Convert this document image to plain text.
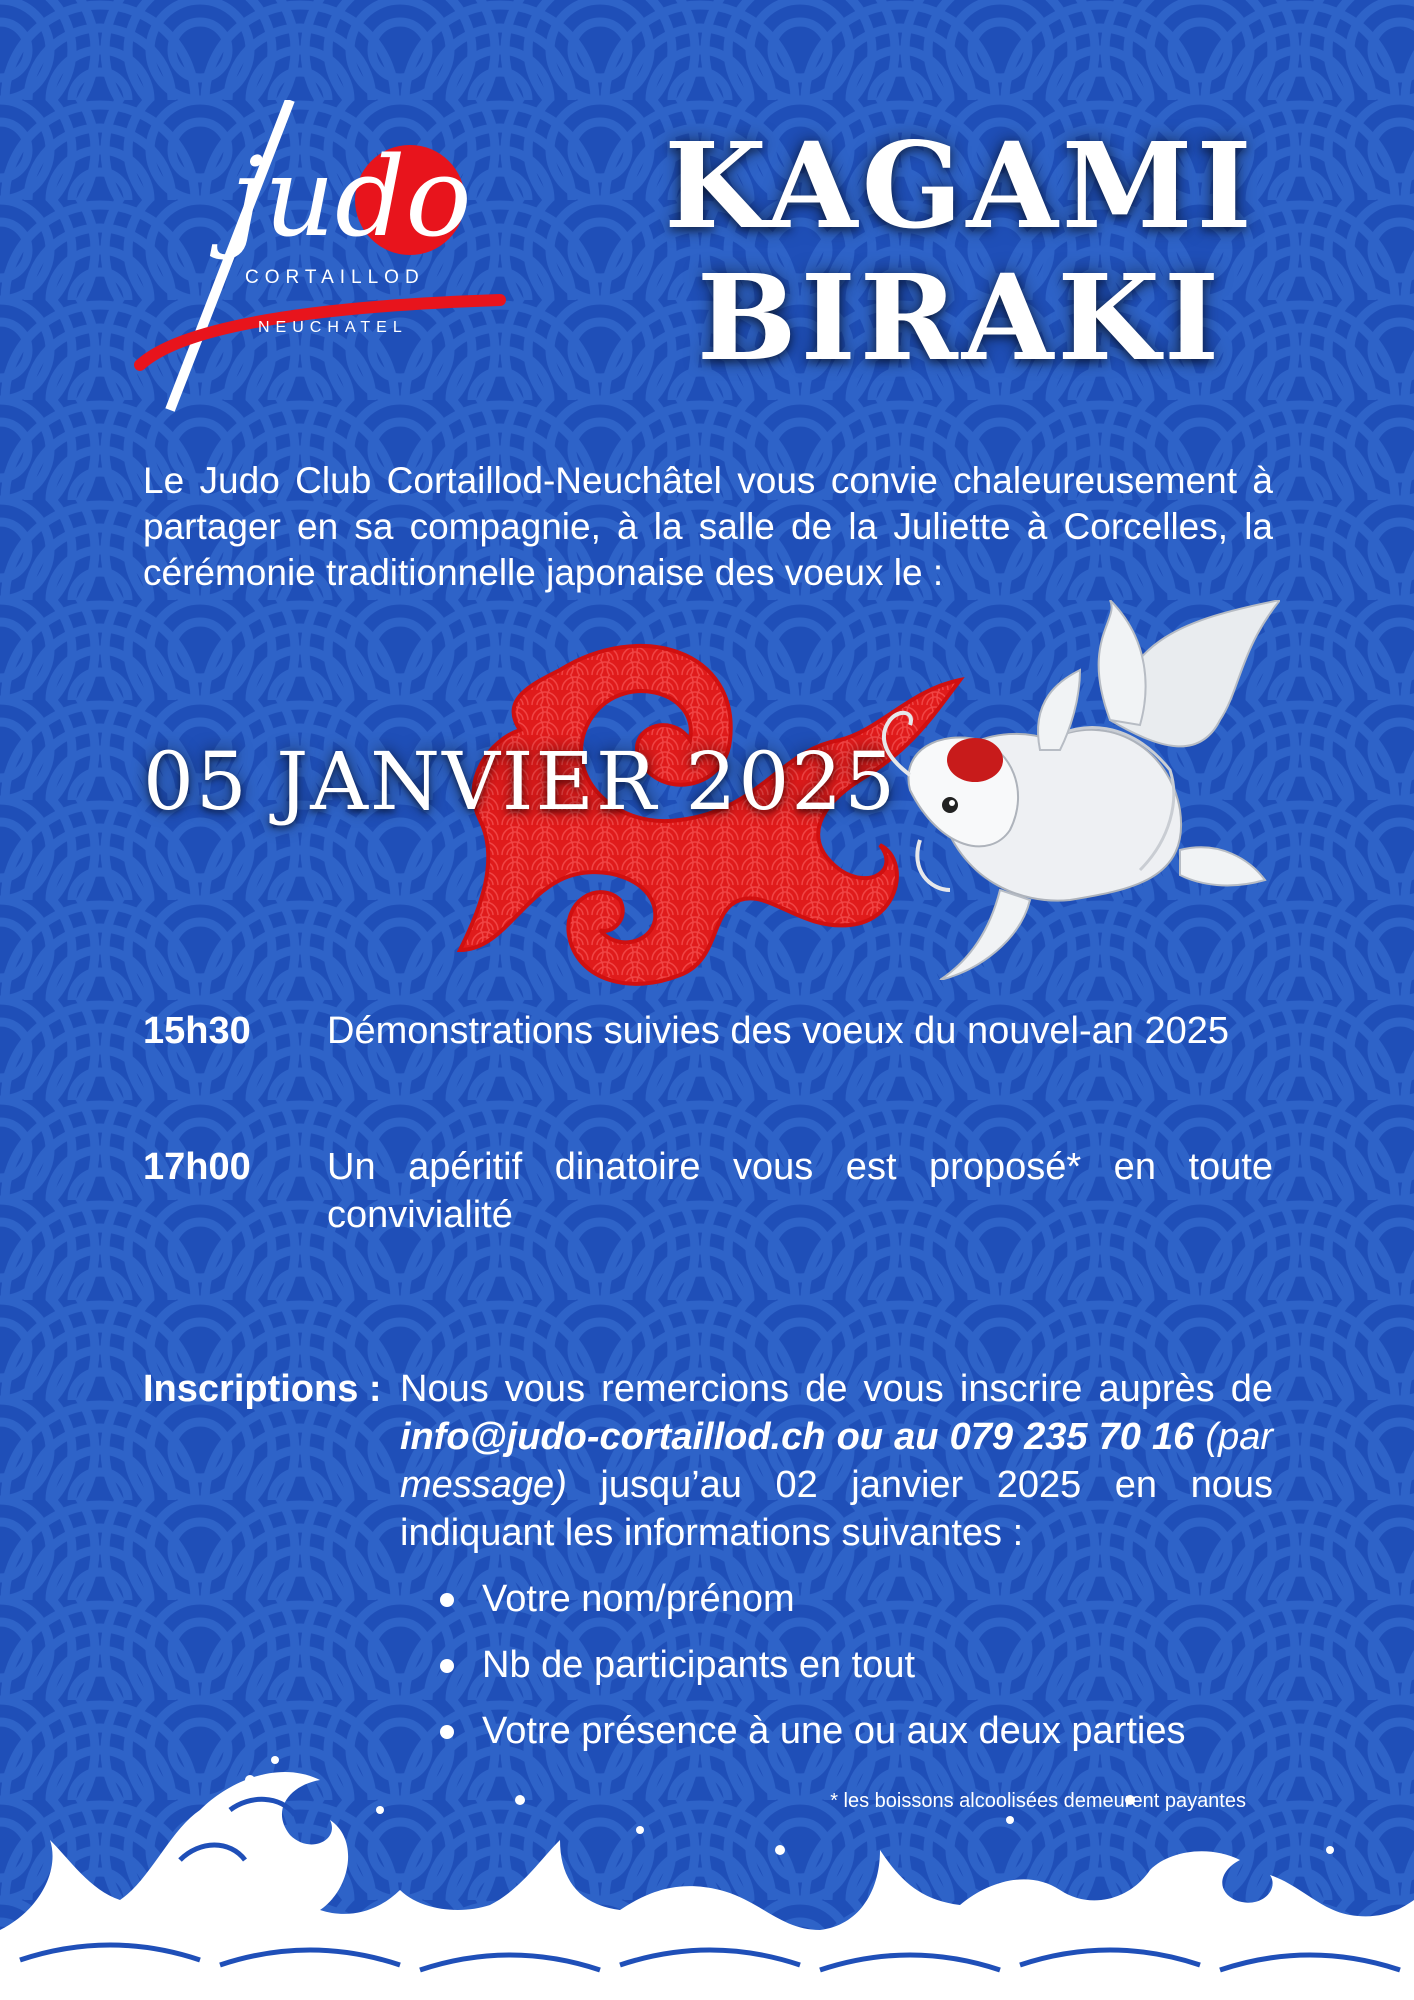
judo
CORTAILLOD
NEUCHATEL
KAGAMI
BIRAKI
Le Judo Club Cortaillod-Neuchâtel vous convie chaleureusement à partager en sa compagnie, à la salle de la Juliette à Corcelles, la cérémonie traditionnelle japonaise des voeux le :
05 JANVIER 2025
15h30 Démonstrations suivies des voeux du nouvel-an 2025
17h00 Un apéritif dinatoire vous est proposé* en toute convivialité
Inscriptions : Nous vous remercions de vous inscrire auprès de info@judo-cortaillod.ch ou au 079 235 70 16 (par message) jusqu’au 02 janvier 2025 en nous indiquant les informations suivantes :
Votre nom/prénom
Nb de participants en tout
Votre présence à une ou aux deux parties
* les boissons alcoolisées demeurent payantes
